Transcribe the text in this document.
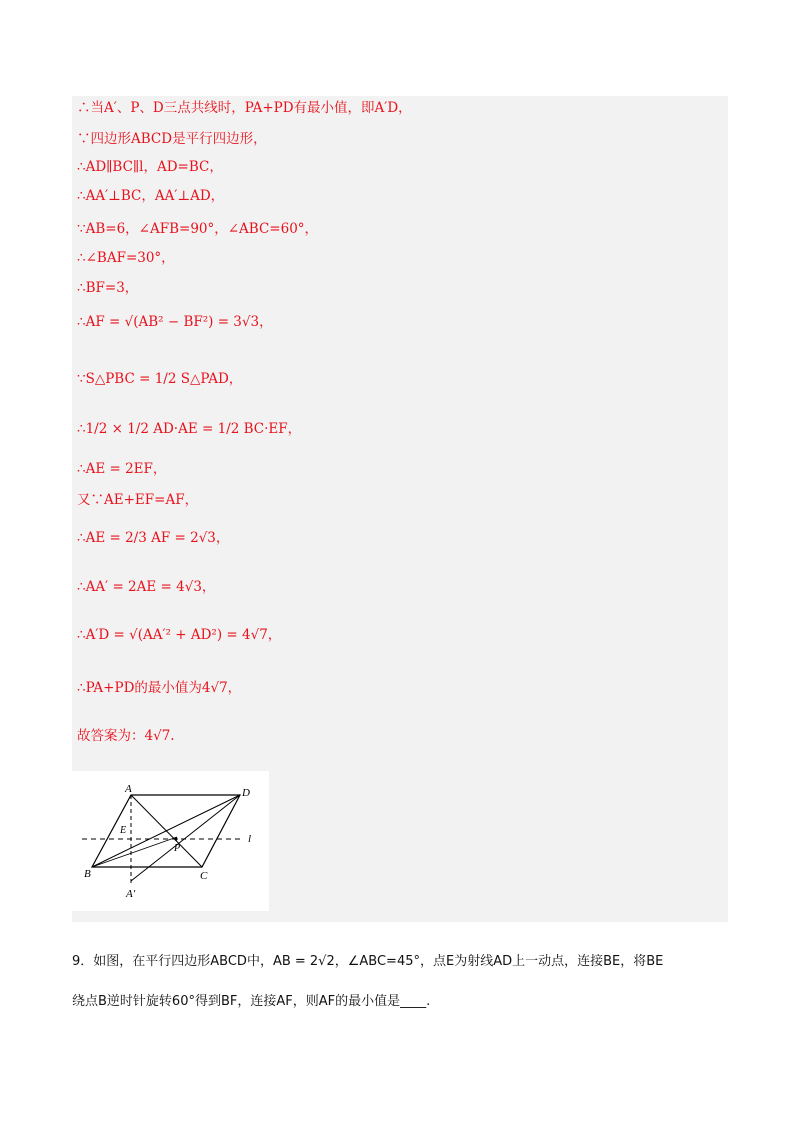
∴当A′、P、D三点共线时，PA+PD有最小值，即A′D，
∵四边形ABCD是平行四边形，
∴AD∥BC∥l，AD=BC，
∴AA′⊥BC，AA′⊥AD，
∵AB=6，∠AFB=90°，∠ABC=60°，
∴∠BAF=30°，
∴BF=3，
∴AF = √(AB² − BF²) = 3√3，
∵S△PBC = 1/2 S△PAD，
∴1/2 × 1/2 AD·AE = 1/2 BC·EF，
∴AE = 2EF，
又∵AE+EF=AF，
∴AE = 2/3 AF = 2√3，
∴AA′ = 2AE = 4√3，
∴A′D = √(AA′² + AD²) = 4√7，
∴PA+PD的最小值为4√7，
故答案为：4√7.
A	D
B	C
E
P
A′
l
9．如图，在平行四边形ABCD中，AB = 2√2，∠ABC=45°，点E为射线AD上一动点，连接BE，将BE
绕点B逆时针旋转60°得到BF，连接AF，则AF的最小值是____.
